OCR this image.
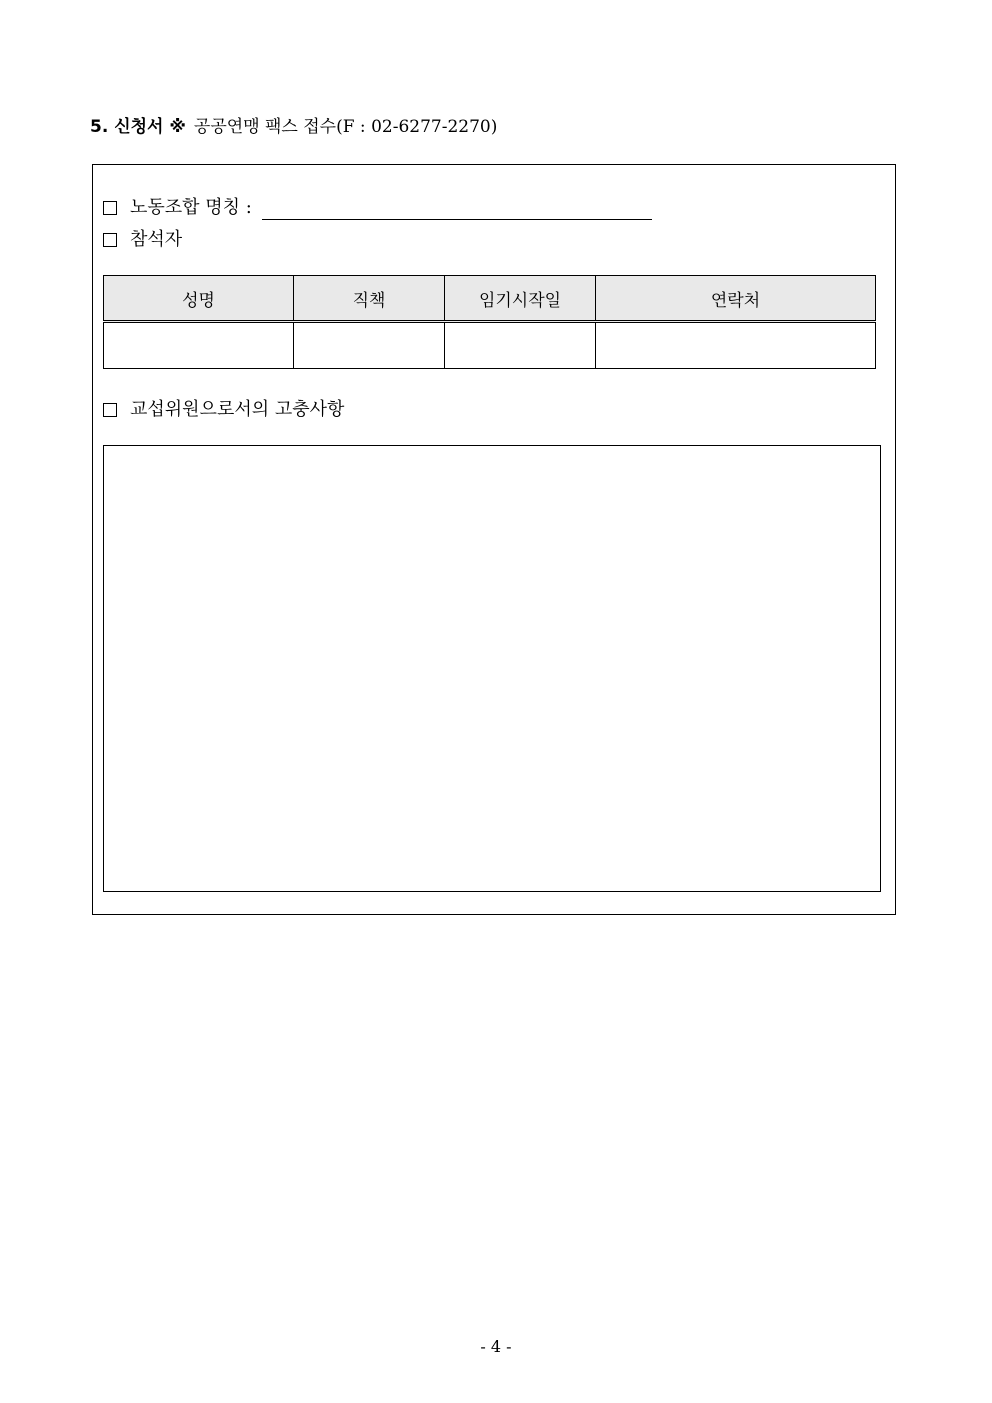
5. 신청서 ※ 공공연맹 팩스 접수(F : 02-6277-2270)
노동조합 명칭 :
참석자
성명	직책	임기시작일	연락처

교섭위원으로서의 고충사항
- 4 -
